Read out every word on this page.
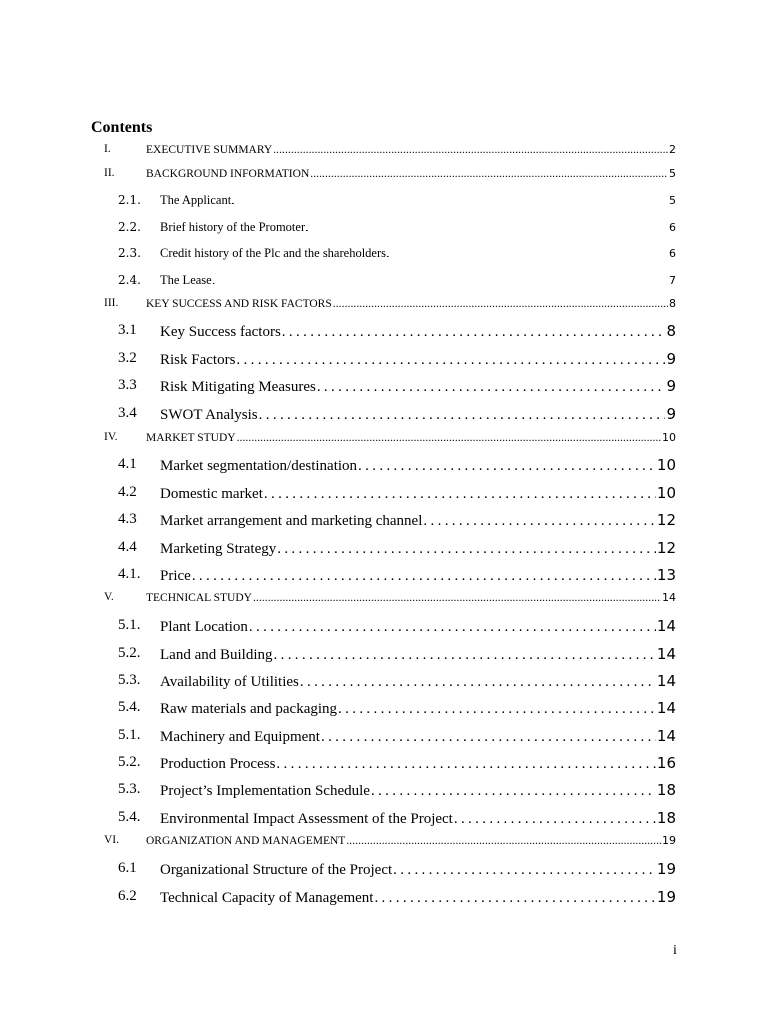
Contents
I.	EXECUTIVE SUMMARY . . .	2
II.	BACKGROUND INFORMATION . . .	5
2.1. The Applicant . . .	5
2.2. Brief history of the Promoter . . .	6
2.3. Credit history of the Plc and the shareholders . . .	6
2.4. The Lease . . .	7
III. KEY SUCCESS AND RISK FACTORS . . .	8
3.1 Key Success factors . . .	8
3.2 Risk Factors . . .	9
3.3 Risk Mitigating Measures . . .	9
3.4 SWOT Analysis . . .	9
IV. MARKET STUDY . . .	10
4.1 Market segmentation/destination . . .	10
4.2 Domestic market . . .	10
4.3 Market arrangement and marketing channel . . .	12
4.4 Marketing Strategy . . .	12
4.1. Price . . .	13
V.	TECHNICAL STUDY . . .	14
5.1. Plant Location . . .	14
5.2. Land and Building . . .	14
5.3. Availability of Utilities . . .	14
5.4. Raw materials and packaging . . .	14
5.1. Machinery and Equipment . . .	14
5.2. Production Process . . .	16
5.3. Project’s Implementation Schedule . . .	18
5.4. Environmental Impact Assessment of the Project . . .	18
VI. ORGANIZATION AND MANAGEMENT . . .	19
6.1 Organizational Structure of the Project . . .	19
6.2 Technical Capacity of Management . . .	19
i
